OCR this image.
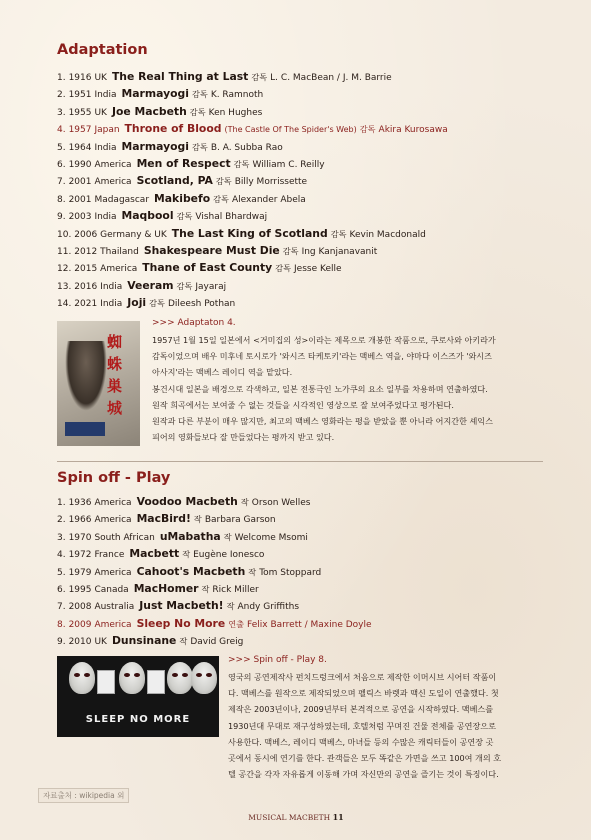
Adaptation
1. 1916 UK The Real Thing at Last 감독 L. C. MacBean / J. M. Barrie
2. 1951 India Marmayogi 감독 K. Ramnoth
3. 1955 UK Joe Macbeth 감독 Ken Hughes
4. 1957 Japan Throne of Blood (The Castle Of The Spider's Web) 감독 Akira Kurosawa
5. 1964 India Marmayogi 감독 B. A. Subba Rao
6. 1990 America Men of Respect 감독 William C. Reilly
7. 2001 America Scotland, PA 감독 Billy Morrissette
8. 2001 Madagascar Makibefo 감독 Alexander Abela
9. 2003 India Maqbool 감독 Vishal Bhardwaj
10. 2006 Germany & UK The Last King of Scotland 감독 Kevin Macdonald
11. 2012 Thailand Shakespeare Must Die 감독 Ing Kanjanavanit
12. 2015 America Thane of East County 감독 Jesse Kelle
13. 2016 India Veeram 감독 Jayaraj
14. 2021 India Joji 감독 Dileesh Pothan
蜘蛛巣城
>>> Adaptaton 4.

1957년 1월 15일 일본에서 <거미집의 성>이라는 제목으로 개봉한 작품으로, 쿠로사와 아키라가

감독이었으며 배우 미후네 토시로가 '와시즈 타케토키'라는 맥베스 역을, 야마다 이스즈가 '와시즈

아사지'라는 맥베스 레이디 역을 맡았다.

봉건시대 일본을 배경으로 각색하고, 일본 전통극인 노가쿠의 요소 일부를 차용하며 연출하였다.

원작 희곡에서는 보여줄 수 없는 것들을 시각적인 영상으로 잘 보여주었다고 평가된다.

원작과 다른 부분이 매우 많지만, 최고의 맥베스 영화라는 평을 받았을 뿐 아니라 어지간한 셰익스

피어의 영화들보다 잘 만들었다는 평까지 받고 있다.

Spin off - Play
1. 1936 America Voodoo Macbeth 작 Orson Welles
2. 1966 America MacBird! 작 Barbara Garson
3. 1970 South African uMabatha 작 Welcome Msomi
4. 1972 France Macbett 작 Eugène Ionesco
5. 1979 America Cahoot's Macbeth 작 Tom Stoppard
6. 1995 Canada MacHomer 작 Rick Miller
7. 2008 Australia Just Macbeth! 작 Andy Griffiths
8. 2009 America Sleep No More 연출 Felix Barrett / Maxine Doyle
9. 2010 UK Dunsinane 작 David Greig
SLEEP NO MORE
>>> Spin off - Play 8.

영국의 공연제작사 펀치드렁크에서 처음으로 제작한 이머시브 시어터 작품이

다. 맥베스를 원작으로 제작되었으며 펠릭스 바렛과 맥신 도일이 연출했다. 첫

제작은 2003년이나, 2009년부터 본격적으로 공연을 시작하였다. 맥베스를

1930년대 무대로 재구성하였는데, 호텔처럼 꾸며진 건물 전체를 공연장으로

사용한다. 맥베스, 레이디 맥베스, 마녀들 등의 수많은 캐릭터들이 공연장 곳

곳에서 동시에 연기를 한다. 관객들은 모두 똑같은 가면을 쓰고 100여 개의 호

텔 공간을 각자 자유롭게 이동해 가며 자신만의 공연을 즐기는 것이 특징이다.

자료출처 : wikipedia 외
MUSICAL MACBETH 11
